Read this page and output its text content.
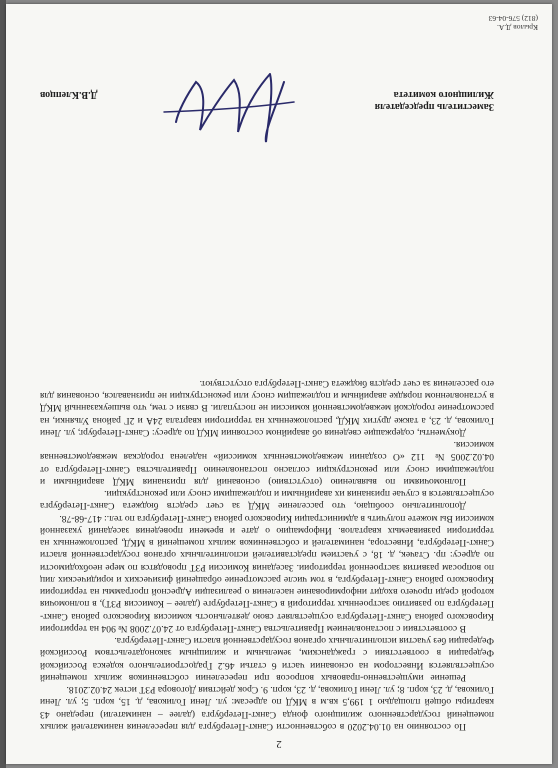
2

По состоянию на 01.04.2020 в собственности Санкт-Петербурга для переселения нанимателей жилых помещений государственного жилищного фонда Санкт-Петербурга (далее – наниматели) передано 43 квартиры общей площадью 1 199,5 кв.м в МКД по адресам: ул. Лени Голикова, д. 15, корп. 5; ул. Лени Голикова, д. 23, корп. 8; ул. Лени Голикова, д. 23, корп. 9. Срок действия Договора РЗТ истек 24.02.2018.

Решение имущественно-правовых вопросов при переселении собственников жилых помещений осуществляется Инвестором на основании части 6 статьи 46.2 Градостроительного кодекса Российской Федерации в соответствии с гражданским, земельным и жилищным законодательством Российской Федерации без участия исполнительных органов государственной власти Санкт-Петербурга.

В соответствии с постановлением Правительства Санкт-Петербурга от 24.07.2008 № 904 на территории Кировского района Санкт-Петербурга осуществляет свою деятельность комиссия Кировского района Санкт-Петербурга по развитию застроенных территорий в Санкт-Петербурге (далее – Комиссия РЗТ), в полномочия которой среди прочего входит информирование населения о реализации Адресной программы на территории Кировского района Санкт-Петербурга, в том числе рассмотрение обращений физических и юридических лиц по вопросам развития застроенной территории. Заседания Комиссии РЗТ проводятся по мере необходимости по адресу: пр. Стачек, д. 18, с участием представителей исполнительных органов государственной власти Санкт-Петербурга, Инвестора, нанимателей и собственников жилых помещений в МКД, расположенных на территории развиваемых кварталов. Информацию о дате и времени проведения заседаний указанной комиссии Вы можете получить в администрации Кировского района Санкт-Петербурга по тел.: 417-68-78.

Дополнительно сообщаю, что расселение МКД за счет средств бюджета Санкт-Петербурга осуществляется в случае признания их аварийными и подлежащими сносу или реконструкции.

Полномочиями по выявлению (отсутствию) оснований для признания МКД аварийными и подлежащими сносу или реконструкции согласно постановлению Правительства Санкт-Петербурга от 04.02.2005 № 112 «О создании межведомственных комиссий» наделена городская межведомственная комиссия.

Документы, содержащие сведения об аварийном состоянии МКД по адресу: Санкт-Петербург, ул. Лени Голикова, д. 23, а также других МКД, расположенных на территории квартала 24А и 2Г района Ульянки, на рассмотрение городской межведомственной комиссии не поступали. В связи с тем, что вышеуказанный МКД в установленном порядке аварийным и подлежащим сносу или реконструкции не признавался, основания для его расселения за счет средств бюджета Санкт-Петербурга отсутствуют.

Заместитель председателя
Жилищного комитета
Д.В.Клепцов
Крылов Д.А.
(812) 576-04-63
